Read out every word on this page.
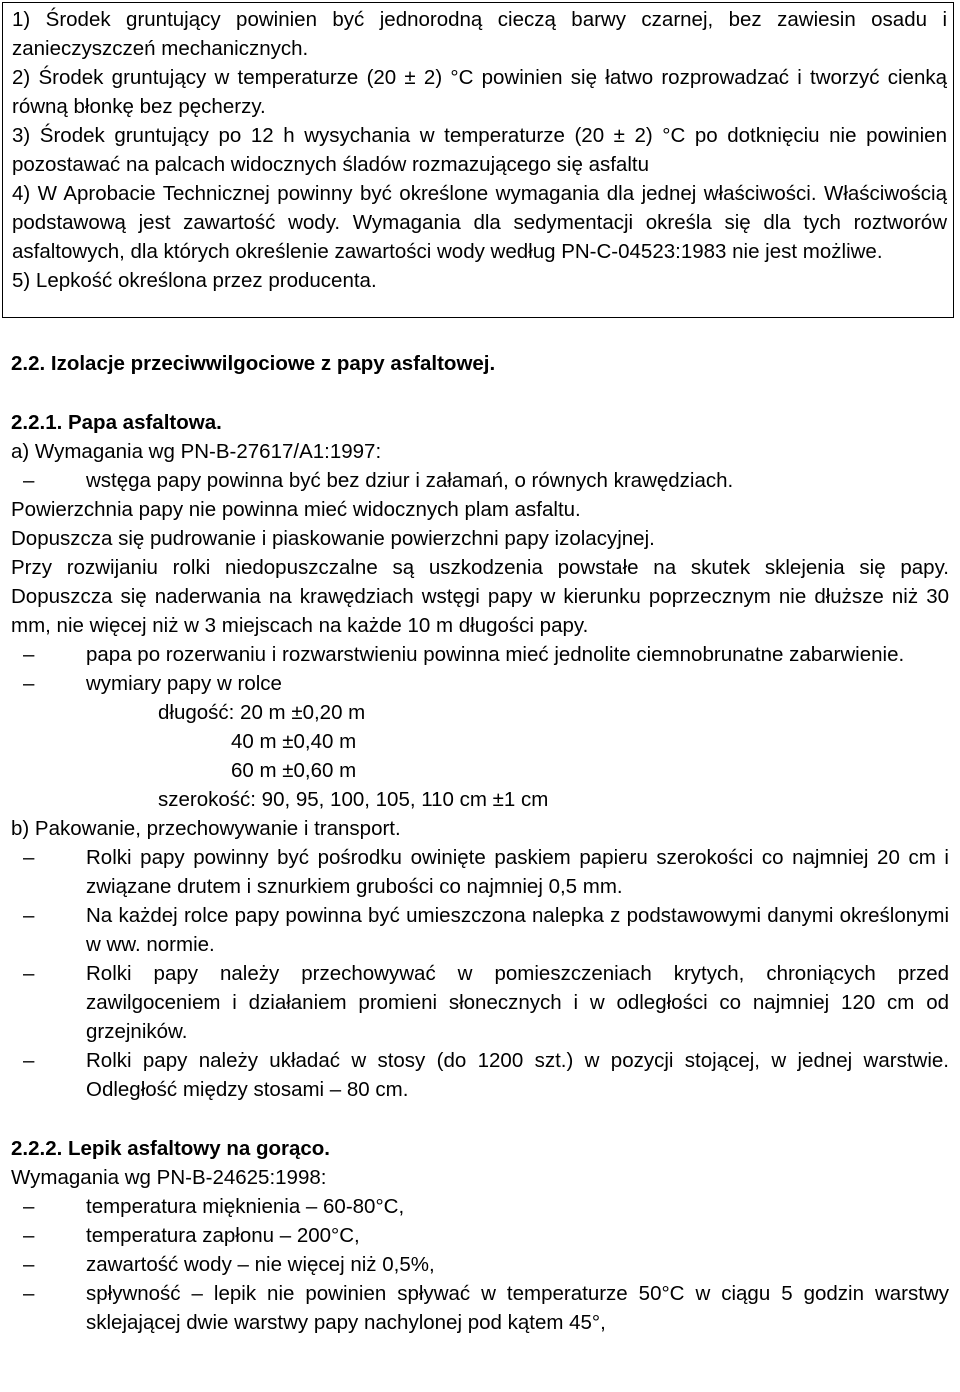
1) Środek gruntujący powinien być jednorodną cieczą barwy czarnej, bez zawiesin osadu i zanieczyszczeń mechanicznych.

2) Środek gruntujący w temperaturze (20 ± 2) °C powinien się łatwo rozprowadzać i tworzyć cienką równą błonkę bez pęcherzy.

3) Środek gruntujący po 12 h wysychania w temperaturze (20 ± 2) °C po dotknięciu nie powinien pozostawać na palcach widocznych śladów rozmazującego się asfaltu

4) W Aprobacie Technicznej powinny być określone wymagania dla jednej właściwości. Właściwością podstawową jest zawartość wody. Wymagania dla sedymentacji określa się dla tych roztworów asfaltowych, dla których określenie zawartości wody według PN-C-04523:1983 nie jest możliwe.

5) Lepkość określona przez producenta.

2.2. Izolacje przeciwwilgociowe z papy asfaltowej.

2.2.1. Papa asfaltowa.

a) Wymagania wg PN-B-27617/A1:1997:

–	wstęga papy powinna być bez dziur i załamań, o równych krawędziach.

Powierzchnia papy nie powinna mieć widocznych plam asfaltu.

Dopuszcza się pudrowanie i piaskowanie powierzchni papy izolacyjnej.

Przy rozwijaniu rolki niedopuszczalne są uszkodzenia powstałe na skutek sklejenia się papy. Dopuszcza się naderwania na krawędziach wstęgi papy w kierunku poprzecznym nie dłuższe niż 30 mm, nie więcej niż w 3 miejscach na każde 10 m długości papy.

–	papa po rozerwaniu i rozwarstwieniu powinna mieć jednolite ciemnobrunatne zabarwienie.

–	wymiary papy w rolce

długość: 20 m ±0,20 m

40 m ±0,40 m

60 m ±0,60 m

szerokość: 90, 95, 100, 105, 110 cm ±1 cm

b) Pakowanie, przechowywanie i transport.

–	Rolki papy powinny być pośrodku owinięte paskiem papieru szerokości co najmniej 20 cm i związane drutem i sznurkiem grubości co najmniej 0,5 mm.

–	Na każdej rolce papy powinna być umieszczona nalepka z podstawowymi danymi określonymi w ww. normie.

–	Rolki papy należy przechowywać w pomieszczeniach krytych, chroniących przed zawilgoceniem i działaniem promieni słonecznych i w odległości co najmniej 120 cm od grzejników.

–	Rolki papy należy układać w stosy (do 1200 szt.) w pozycji stojącej, w jednej warstwie. Odległość między stosami – 80 cm.

2.2.2. Lepik asfaltowy na gorąco.

Wymagania wg PN-B-24625:1998:

–	temperatura mięknienia – 60-80°C,

–	temperatura zapłonu – 200°C,

–	zawartość wody – nie więcej niż 0,5%,

–	spływność – lepik nie powinien spływać w temperaturze 50°C w ciągu 5 godzin warstwy sklejającej dwie warstwy papy nachylonej pod kątem 45°,
